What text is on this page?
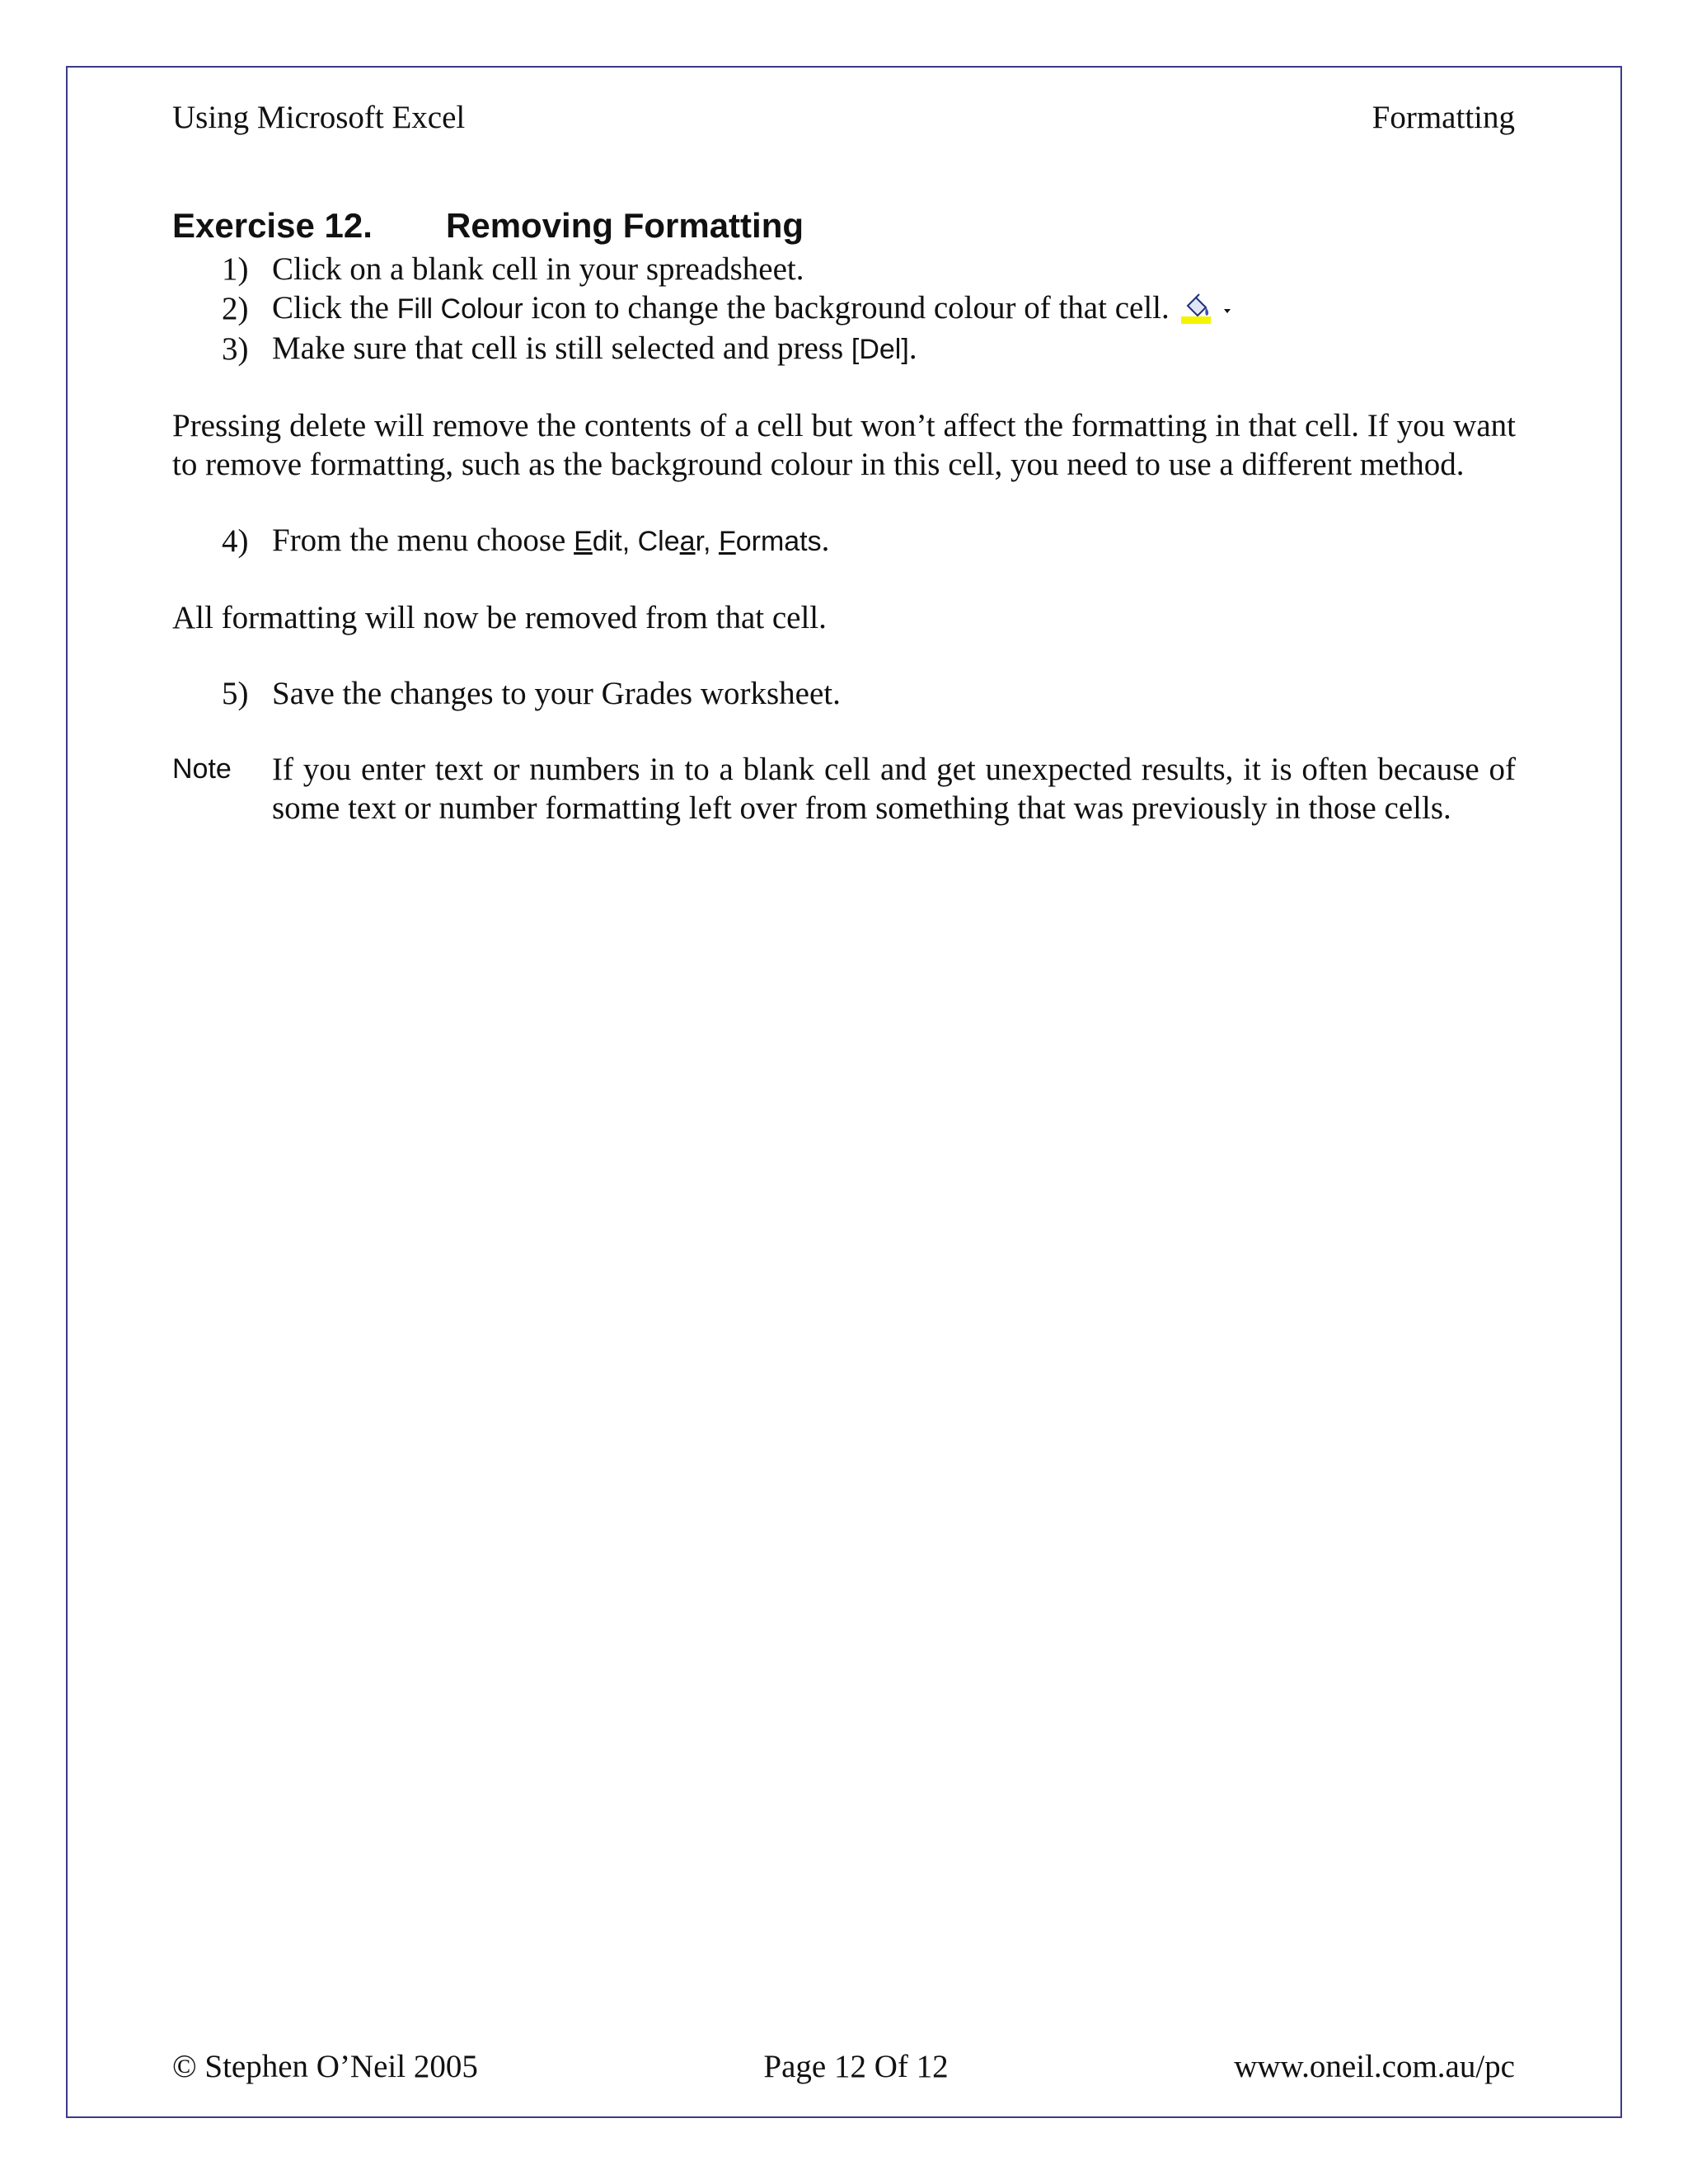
Using Microsoft Excel	Formatting
Exercise 12.	Removing Formatting
1) Click on a blank cell in your spreadsheet.
2) Click the Fill Colour icon to change the background colour of that cell.
3) Make sure that cell is still selected and press [Del].

Pressing delete will remove the contents of a cell but won’t affect the formatting in that cell. If you want to remove formatting, such as the background colour in this cell, you need to use a different method.

4) From the menu choose Edit, Clear, Formats.

All formatting will now be removed from that cell.

5) Save the changes to your Grades worksheet.
Note If you enter text or numbers in to a blank cell and get unexpected results, it is often because of some text or number formatting left over from something that was previously in those cells.
© Stephen O’Neil 2005	Page 12 Of 12	www.oneil.com.au/pc
